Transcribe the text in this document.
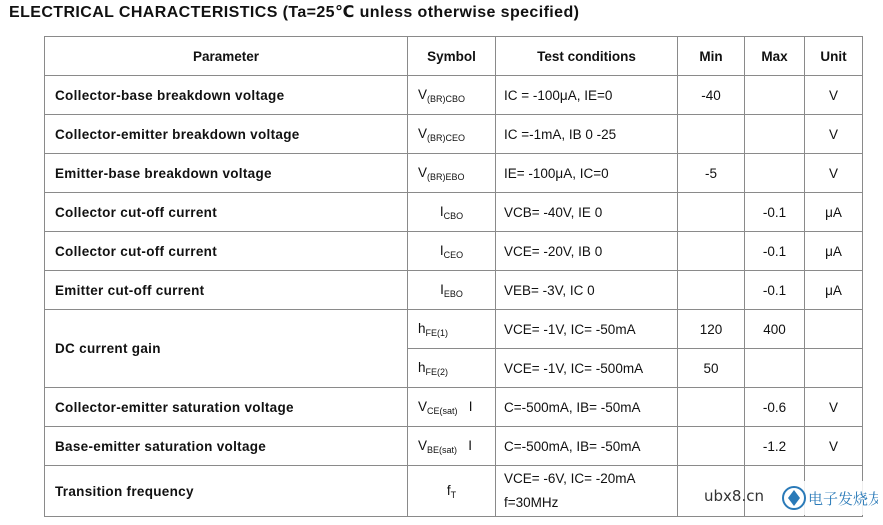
ELECTRICAL CHARACTERISTICS (Ta=25℃ unless otherwise specified)
Parameter	Symbol	Test conditions	Min	Max	Unit
Collector-base breakdown voltage	$V_{(BR)CBO}$	IC = -100μA, IE=0	-40		V
Collector-emitter breakdown voltage	$V_{(BR)CEO}$	IC =-1mA, IB 0 -25			V
Emitter-base breakdown voltage	$V_{(BR)EBO}$	IE= -100μA, IC=0	-5		V
Collector cut-off current	$I_{CBO}$	VCB= -40V, IE 0		-0.1	μA
Collector cut-off current	$I_{CEO}$	VCE= -20V, IB 0		-0.1	μA
Emitter cut-off current	$I_{EBO}$	VEB= -3V, IC 0		-0.1	μA
DC current gain	$h_{FE(1)}$	VCE= -1V, IC= -50mA	120	400	
	$h_{FE(2)}$	VCE= -1V, IC= -500mA	50		
Collector-emitter saturation voltage	$V_{CE(sat)}$ I	C=-500mA, IB= -50mA		-0.6	V
Base-emitter saturation voltage	$V_{BE(sat)}$ I	C=-500mA, IB= -50mA		-1.2	V
Transition frequency	$f_T$	VCE= -6V, IC= -20mA
f=30MHz			
				ubx8.cn	电子发烧友
